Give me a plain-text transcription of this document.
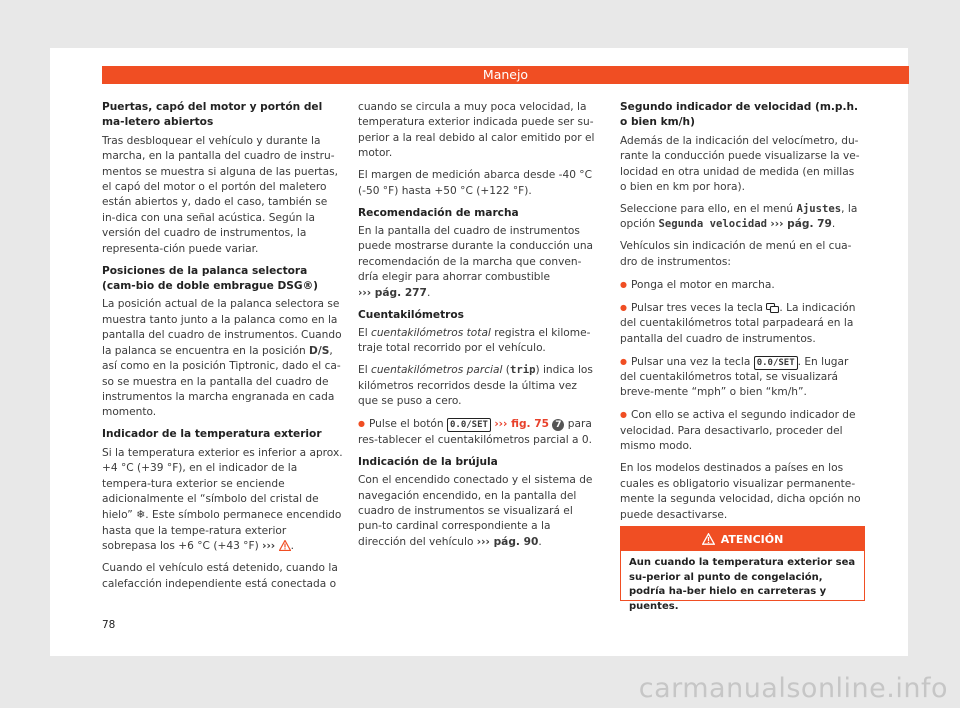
Manejo
Puertas, capó del motor y portón del ma-letero abiertos

Tras desbloquear el vehículo y durante la marcha, en la pantalla del cuadro de instru-mentos se muestra si alguna de las puertas, el capó del motor o el portón del maletero están abiertos y, dado el caso, también se in-dica con una señal acústica. Según la versión del cuadro de instrumentos, la representa-ción puede variar.

Posiciones de la palanca selectora (cam-bio de doble embrague DSG®)

La posición actual de la palanca selectora se muestra tanto junto a la palanca como en la pantalla del cuadro de instrumentos. Cuando la palanca se encuentra en la posición D/S, así como en la posición Tiptronic, dado el ca-so se muestra en la pantalla del cuadro de instrumentos la marcha engranada en cada momento.

Indicador de la temperatura exterior

Si la temperatura exterior es inferior a aprox. +4 °C (+39 °F), en el indicador de la tempera-tura exterior se enciende adicionalmente el “símbolo del cristal de hielo” ❄. Este símbolo permanece encendido hasta que la tempe-ratura exterior sobrepasa los +6 °C (+43 °F) ››› .

Cuando el vehículo está detenido, cuando la calefacción independiente está conectada o

cuando se circula a muy poca velocidad, la temperatura exterior indicada puede ser su-perior a la real debido al calor emitido por el motor.

El margen de medición abarca desde -40 °C (-50 °F) hasta +50 °C (+122 °F).

Recomendación de marcha

En la pantalla del cuadro de instrumentos puede mostrarse durante la conducción una recomendación de la marcha que conven-dría elegir para ahorrar combustible
››› pág. 277.

Cuentakilómetros

El cuentakilómetros total registra el kilome-traje total recorrido por el vehículo.

El cuentakilómetros parcial (trip) indica los kilómetros recorridos desde la última vez que se puso a cero.

● Pulse el botón 0.0/SET ››› fig. 75 7 para res-tablecer el cuentakilómetros parcial a 0.

Indicación de la brújula

Con el encendido conectado y el sistema de navegación encendido, en la pantalla del cuadro de instrumentos se visualizará el pun-to cardinal correspondiente a la dirección del vehículo ››› pág. 90.

Segundo indicador de velocidad (m.p.h. o bien km/h)

Además de la indicación del velocímetro, du-rante la conducción puede visualizarse la ve-locidad en otra unidad de medida (en millas o bien en km por hora).

Seleccione para ello, en el menú Ajustes, la opción Segunda velocidad ››› pág. 79.

Vehículos sin indicación de menú en el cua-dro de instrumentos:

● Ponga el motor en marcha.

● Pulsar tres veces la tecla . La indicación del cuentakilómetros total parpadeará en la pantalla del cuadro de instrumentos.

● Pulsar una vez la tecla 0.0/SET . En lugar del cuentakilómetros total, se visualizará breve-mente “mph” o bien “km/h”.

● Con ello se activa el segundo indicador de velocidad. Para desactivarlo, proceder del mismo modo.

En los modelos destinados a países en los cuales es obligatorio visualizar permanente-mente la segunda velocidad, dicha opción no puede desactivarse.

ATENCIÓN
Aun cuando la temperatura exterior sea su-perior al punto de congelación, podría ha-ber hielo en carreteras y puentes.
78
carmanualsonline.info
